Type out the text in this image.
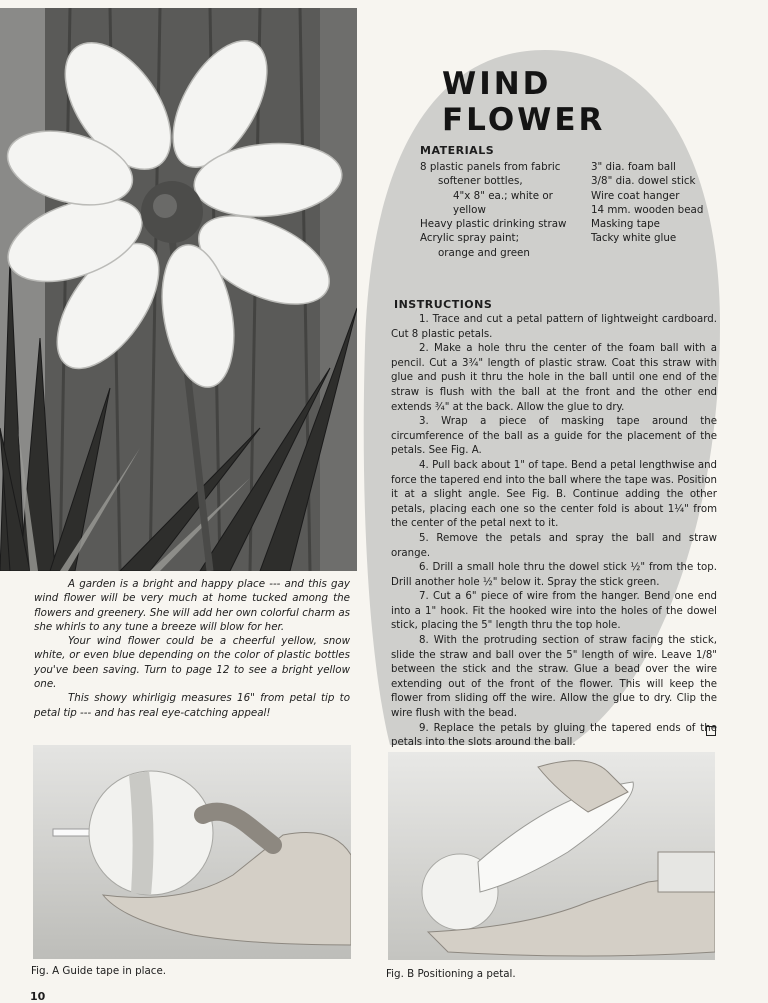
WIND FLOWER
MATERIALS
8 plastic panels from fabric
softener bottles,
4"x 8" ea.; white or
yellow
Heavy plastic drinking straw
Acrylic spray paint;
orange and green
3" dia. foam ball
3/8" dia. dowel stick
Wire coat hanger
14 mm. wooden bead
Masking tape
Tacky white glue
INSTRUCTIONS

1. Trace and cut a petal pattern of lightweight cardboard. Cut 8 plastic petals.

2. Make a hole thru the center of the foam ball with a pencil. Cut a 3¾" length of plastic straw. Coat this straw with glue and push it thru the hole in the ball until one end of the straw is flush with the ball at the front and the other end extends ¾" at the back. Allow the glue to dry.

3. Wrap a piece of masking tape around the circumference of the ball as a guide for the placement of the petals. See Fig. A.

4. Pull back about 1" of tape. Bend a petal lengthwise and force the tapered end into the ball where the tape was. Position it at a slight angle. See Fig. B. Continue adding the other petals, placing each one so the center fold is about 1¼" from the center of the petal next to it.

5. Remove the petals and spray the ball and straw orange.

6. Drill a small hole thru the dowel stick ½" from the top. Drill another hole ½" below it. Spray the stick green.

7. Cut a 6" piece of wire from the hanger. Bend one end into a 1" hook. Fit the hooked wire into the holes of the dowel stick, placing the 5" length thru the top hole.

8. With the protruding section of straw facing the stick, slide the straw and ball over the 5" length of wire. Leave 1/8" between the stick and the straw. Glue a bead over the wire extending out of the front of the flower. This will keep the flower from sliding off the wire. Allow the glue to dry. Clip the wire flush with the bead.

9. Replace the petals by gluing the tapered ends of the petals into the slots around the ball.

A garden is a bright and happy place --- and this gay wind flower will be very much at home tucked among the flowers and greenery. She will add her own colorful charm as she whirls to any tune a breeze will blow for her.

Your wind flower could be a cheerful yellow, snow white, or even blue depending on the color of plastic bottles you've been saving. Turn to page 12 to see a bright yellow one.

This showy whirligig measures 16" from petal tip to petal tip --- and has real eye-catching appeal!

Fig. A Guide tape in place.	Fig. B Positioning a petal.
10
